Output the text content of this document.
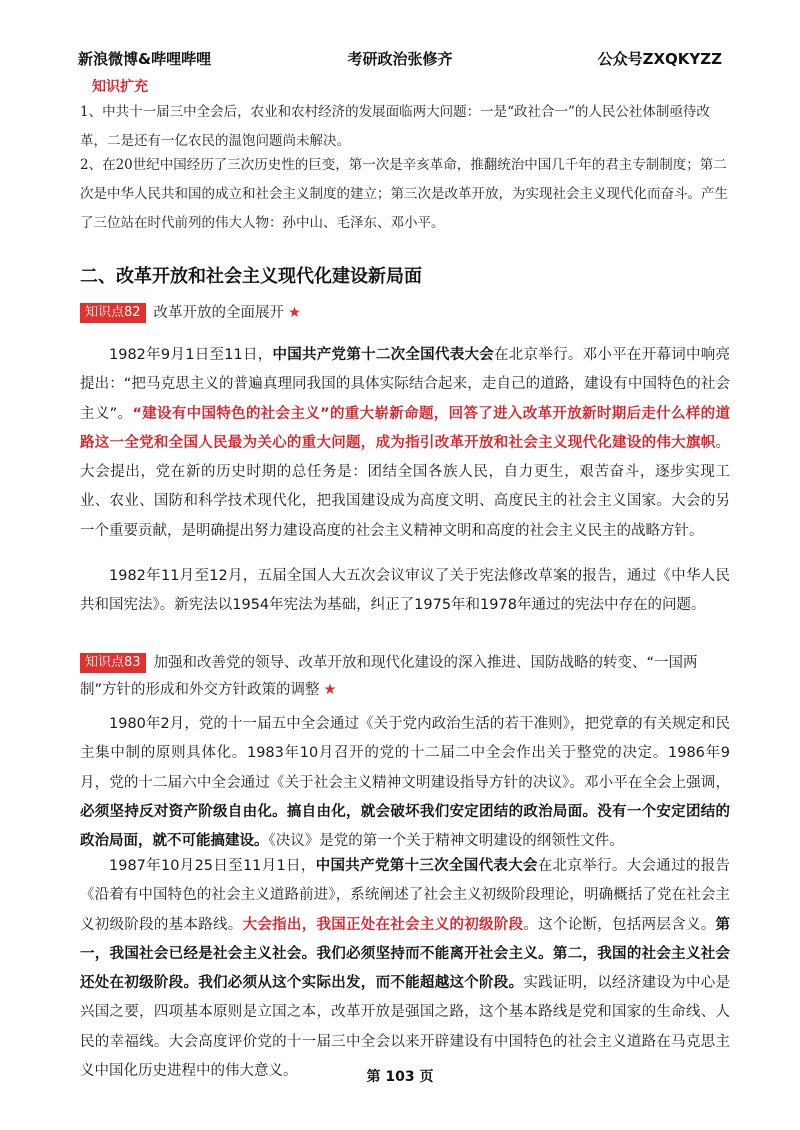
新浪微博&哔哩哔哩	考研政治张修齐	公众号ZXQKYZZ
知识扩充
1、中共十一届三中全会后，农业和农村经济的发展面临两大问题：一是“政社合一”的人民公社体制亟待改革，二是还有一亿农民的温饱问题尚未解决。
2、在20世纪中国经历了三次历史性的巨变，第一次是辛亥革命，推翻统治中国几千年的君主专制制度；第二次是中华人民共和国的成立和社会主义制度的建立；第三次是改革开放，为实现社会主义现代化而奋斗。产生了三位站在时代前列的伟大人物：孙中山、毛泽东、邓小平。
二、改革开放和社会主义现代化建设新局面
知识点82 改革开放的全面展开 ★
1982年9月1日至11日，中国共产党第十二次全国代表大会在北京举行。邓小平在开幕词中响亮提出：“把马克思主义的普遍真理同我国的具体实际结合起来，走自己的道路，建设有中国特色的社会主义”。“建设有中国特色的社会主义”的重大崭新命题，回答了进入改革开放新时期后走什么样的道路这一全党和全国人民最为关心的重大问题，成为指引改革开放和社会主义现代化建设的伟大旗帜。大会提出，党在新的历史时期的总任务是：团结全国各族人民，自力更生，艰苦奋斗，逐步实现工业、农业、国防和科学技术现代化，把我国建设成为高度文明、高度民主的社会主义国家。大会的另一个重要贡献，是明确提出努力建设高度的社会主义精神文明和高度的社会主义民主的战略方针。
1982年11月至12月，五届全国人大五次会议审议了关于宪法修改草案的报告，通过《中华人民共和国宪法》。新宪法以1954年宪法为基础，纠正了1975年和1978年通过的宪法中存在的问题。
知识点83 加强和改善党的领导、改革开放和现代化建设的深入推进、国防战略的转变、“一国两制”方针的形成和外交方针政策的调整 ★
1980年2月，党的十一届五中全会通过《关于党内政治生活的若干准则》，把党章的有关规定和民主集中制的原则具体化。1983年10月召开的党的十二届二中全会作出关于整党的决定。1986年9月，党的十二届六中全会通过《关于社会主义精神文明建设指导方针的决议》。邓小平在全会上强调，必须坚持反对资产阶级自由化。搞自由化，就会破坏我们安定团结的政治局面。没有一个安定团结的政治局面，就不可能搞建设。《决议》是党的第一个关于精神文明建设的纲领性文件。
1987年10月25日至11月1日，中国共产党第十三次全国代表大会在北京举行。大会通过的报告《沿着有中国特色的社会主义道路前进》，系统阐述了社会主义初级阶段理论，明确概括了党在社会主义初级阶段的基本路线。大会指出，我国正处在社会主义的初级阶段。这个论断，包括两层含义。第一，我国社会已经是社会主义社会。我们必须坚持而不能离开社会主义。第二，我国的社会主义社会还处在初级阶段。我们必须从这个实际出发，而不能超越这个阶段。实践证明，以经济建设为中心是兴国之要，四项基本原则是立国之本，改革开放是强国之路，这个基本路线是党和国家的生命线、人民的幸福线。大会高度评价党的十一届三中全会以来开辟建设有中国特色的社会主义道路在马克思主义中国化历史进程中的伟大意义。	第 103 页
